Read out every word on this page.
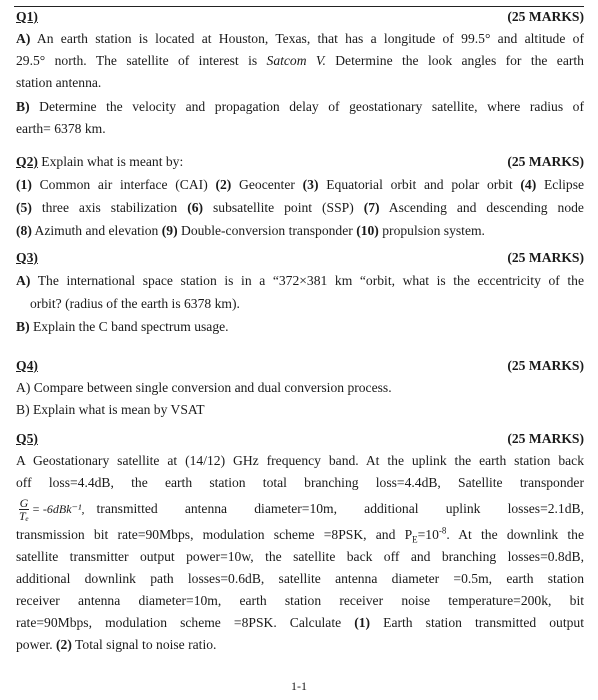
Q1)	(25 MARKS)
A) An earth station is located at Houston, Texas, that has a longitude of 99.5° and altitude of
29.5° north. The satellite of interest is Satcom V. Determine the look angles for the earth
station antenna.
B) Determine the velocity and propagation delay of geostationary satellite, where radius of
earth= 6378 km.
Q2) Explain what is meant by:	(25 MARKS)
(1) Common air interface (CAI) (2) Geocenter (3) Equatorial orbit and polar orbit (4) Eclipse
(5) three axis stabilization (6) subsatellite point (SSP) (7) Ascending and descending node
(8) Azimuth and elevation (9) Double-conversion transponder (10) propulsion system.
Q3)	(25 MARKS)
A) The international space station is in a “372×381 km “orbit, what is the eccentricity of the
orbit? (radius of the earth is 6378 km).
B) Explain the C band spectrum usage.
Q4)	(25 MARKS)
A) Compare between single conversion and dual conversion process.
B) Explain what is mean by VSAT
Q5)	(25 MARKS)
A Geostationary satellite at (14/12) GHz frequency band. At the uplink the earth station back
off loss=4.4dB, the earth station total branching loss=4.4dB, Satellite transponder
$\frac{G}{\text{Tₑ}} = -6dBk^{-1}$, transmitted antenna diameter=10m, additional uplink losses=2.1dB,
transmission bit rate=90Mbps, modulation scheme =8PSK, and $P_E=10^{-8}$. At the downlink the
satellite transmitter output power=10w, the satellite back off and branching losses=0.8dB,
additional downlink path losses=0.6dB, satellite antenna diameter =0.5m, earth station
receiver antenna diameter=10m, earth station receiver noise temperature=200k, bit
rate=90Mbps, modulation scheme =8PSK. Calculate (1) Earth station transmitted output
power. (2) Total signal to noise ratio.
1-1
